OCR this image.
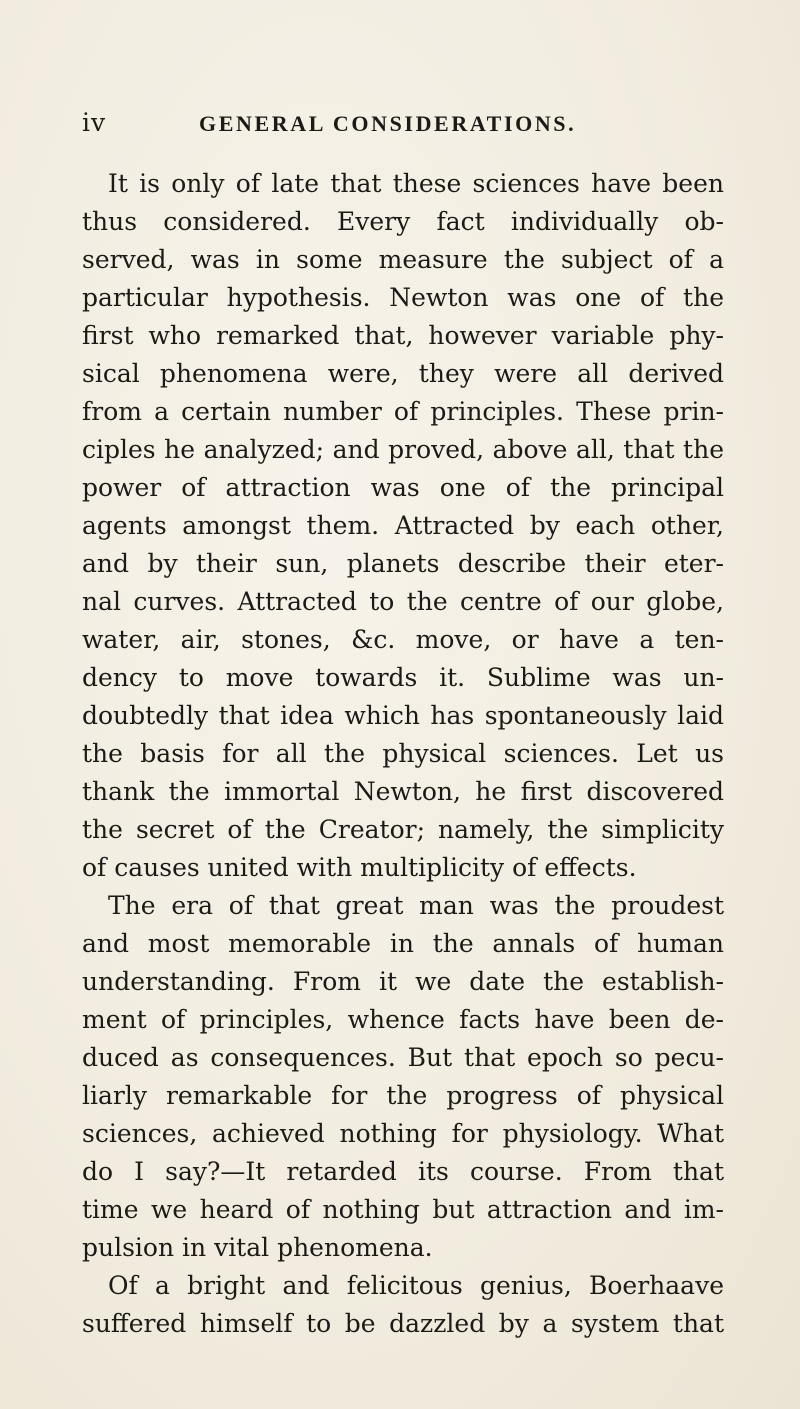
iv	GENERAL CONSIDERATIONS.
It is only of late that these sciences have been
thus considered. Every fact individually ob-
served, was in some measure the subject of a
particular hypothesis. Newton was one of the
first who remarked that, however variable phy-
sical phenomena were, they were all derived
from a certain number of principles. These prin-
ciples he analyzed; and proved, above all, that the
power of attraction was one of the principal
agents amongst them. Attracted by each other,
and by their sun, planets describe their eter-
nal curves. Attracted to the centre of our globe,
water, air, stones, &c. move, or have a ten-
dency to move towards it. Sublime was un-
doubtedly that idea which has spontaneously laid
the basis for all the physical sciences. Let us
thank the immortal Newton, he first discovered
the secret of the Creator; namely, the simplicity
of causes united with multiplicity of effects.
The era of that great man was the proudest
and most memorable in the annals of human
understanding. From it we date the establish-
ment of principles, whence facts have been de-
duced as consequences. But that epoch so pecu-
liarly remarkable for the progress of physical
sciences, achieved nothing for physiology. What
do I say?—It retarded its course. From that
time we heard of nothing but attraction and im-
pulsion in vital phenomena.
Of a bright and felicitous genius, Boerhaave
suffered himself to be dazzled by a system that
